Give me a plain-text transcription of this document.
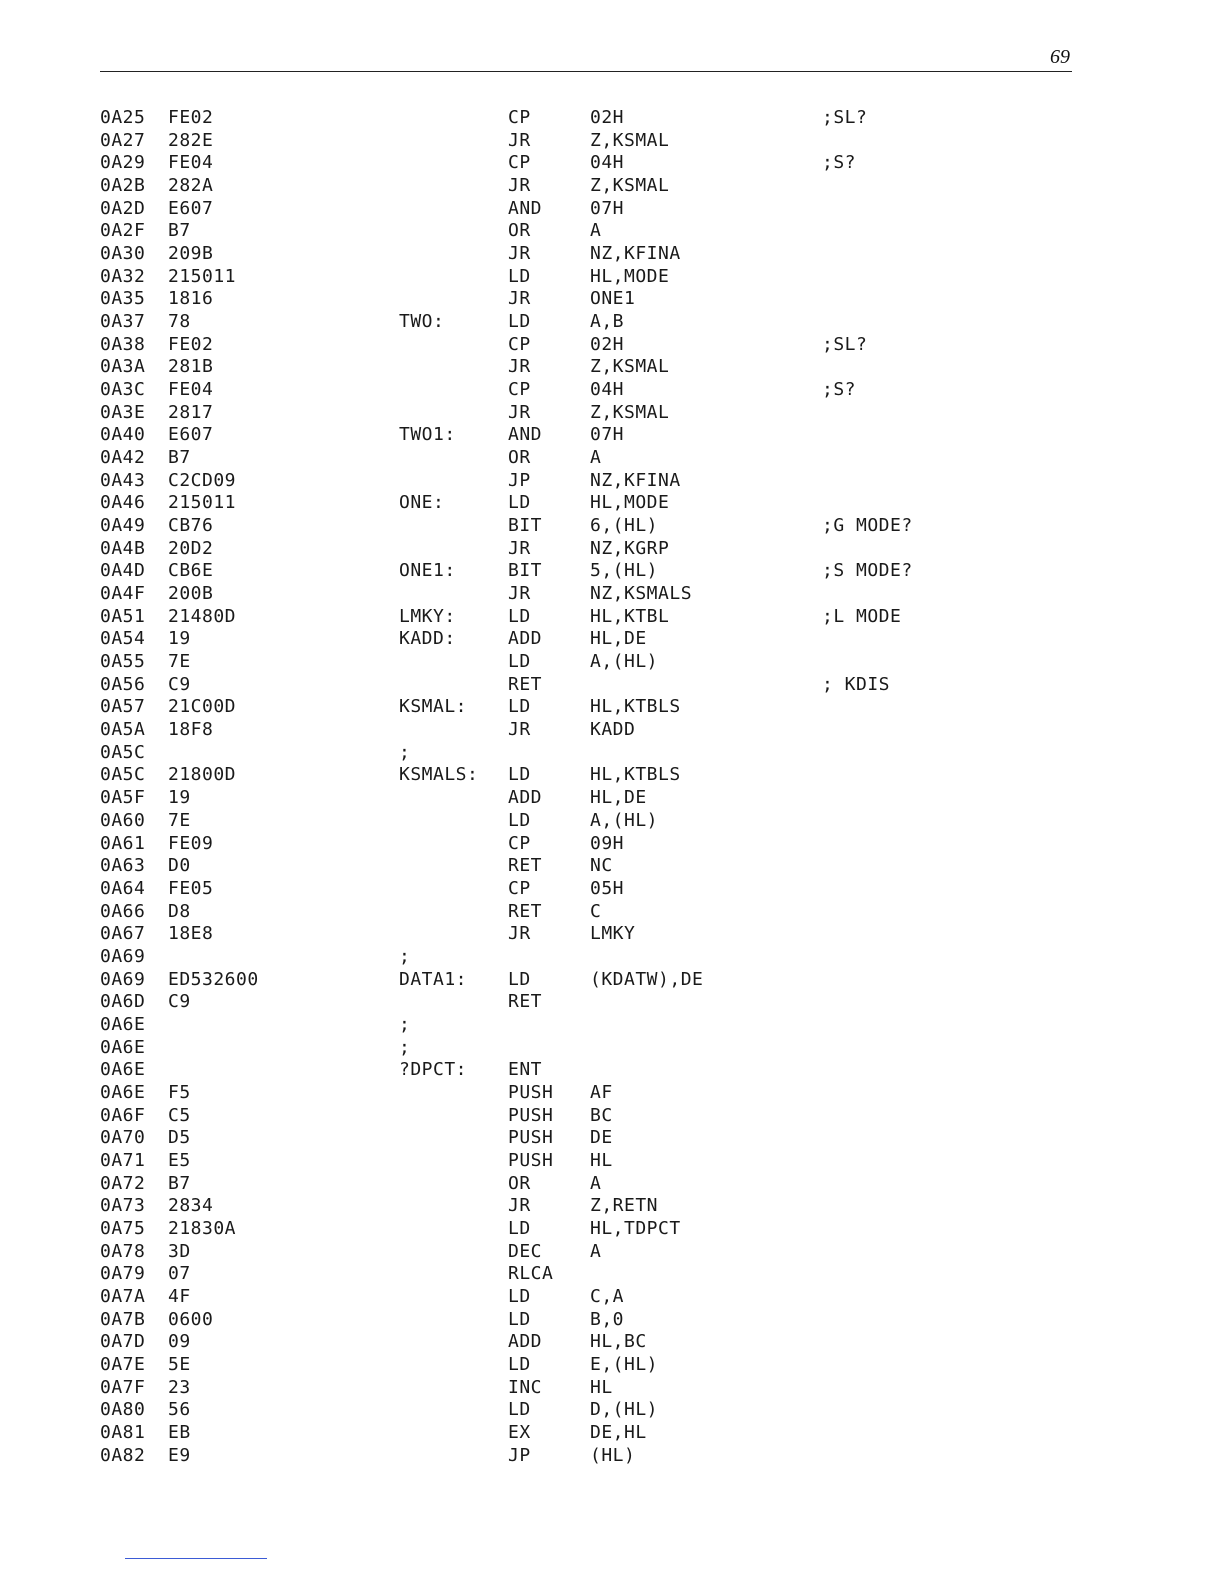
69
0A25 FE02	CP	02H	;SL?
0A27 282E	JR	Z,KSMAL
0A29 FE04	CP	04H	;S?
0A2B 282A	JR	Z,KSMAL
0A2D E607	AND	07H
0A2F B7	OR	A
0A30 209B	JR	NZ,KFINA
0A32 215011	LD	HL,MODE
0A35 1816	JR	ONE1
0A37 78	TWO:	LD	A,B
0A38 FE02	CP	02H	;SL?
0A3A 281B	JR	Z,KSMAL
0A3C FE04	CP	04H	;S?
0A3E 2817	JR	Z,KSMAL
0A40 E607	TWO1:	AND	07H
0A42 B7	OR	A
0A43 C2CD09	JP	NZ,KFINA
0A46 215011	ONE:	LD	HL,MODE
0A49 CB76	BIT	6,(HL)	;G MODE?
0A4B 20D2	JR	NZ,KGRP
0A4D CB6E	ONE1:	BIT	5,(HL)	;S MODE?
0A4F 200B	JR	NZ,KSMALS
0A51 21480D	LMKY:	LD	HL,KTBL	;L MODE
0A54 19	KADD:	ADD	HL,DE
0A55 7E	LD	A,(HL)
0A56 C9	RET	; KDIS
0A57 21C00D	KSMAL: LD	HL,KTBLS
0A5A 18F8	JR	KADD
0A5C	;
0A5C 21800D	KSMALS: LD	HL,KTBLS
0A5F 19	ADD	HL,DE
0A60 7E	LD	A,(HL)
0A61 FE09	CP	09H
0A63 D0	RET	NC
0A64 FE05	CP	05H
0A66 D8	RET	C
0A67 18E8	JR	LMKY
0A69	;
0A69 ED532600	DATA1: LD	(KDATW),DE
0A6D C9	RET
0A6E	;
0A6E	;
0A6E	?DPCT: ENT
0A6E F5	PUSH AF
0A6F C5	PUSH BC
0A70 D5	PUSH DE
0A71 E5	PUSH HL
0A72 B7	OR	A
0A73 2834	JR	Z,RETN
0A75 21830A	LD	HL,TDPCT
0A78 3D	DEC	A
0A79 07	RLCA
0A7A 4F	LD	C,A
0A7B 0600	LD	B,0
0A7D 09	ADD	HL,BC
0A7E 5E	LD	E,(HL)
0A7F 23	INC	HL
0A80 56	LD	D,(HL)
0A81 EB	EX	DE,HL
0A82 E9	JP	(HL)
